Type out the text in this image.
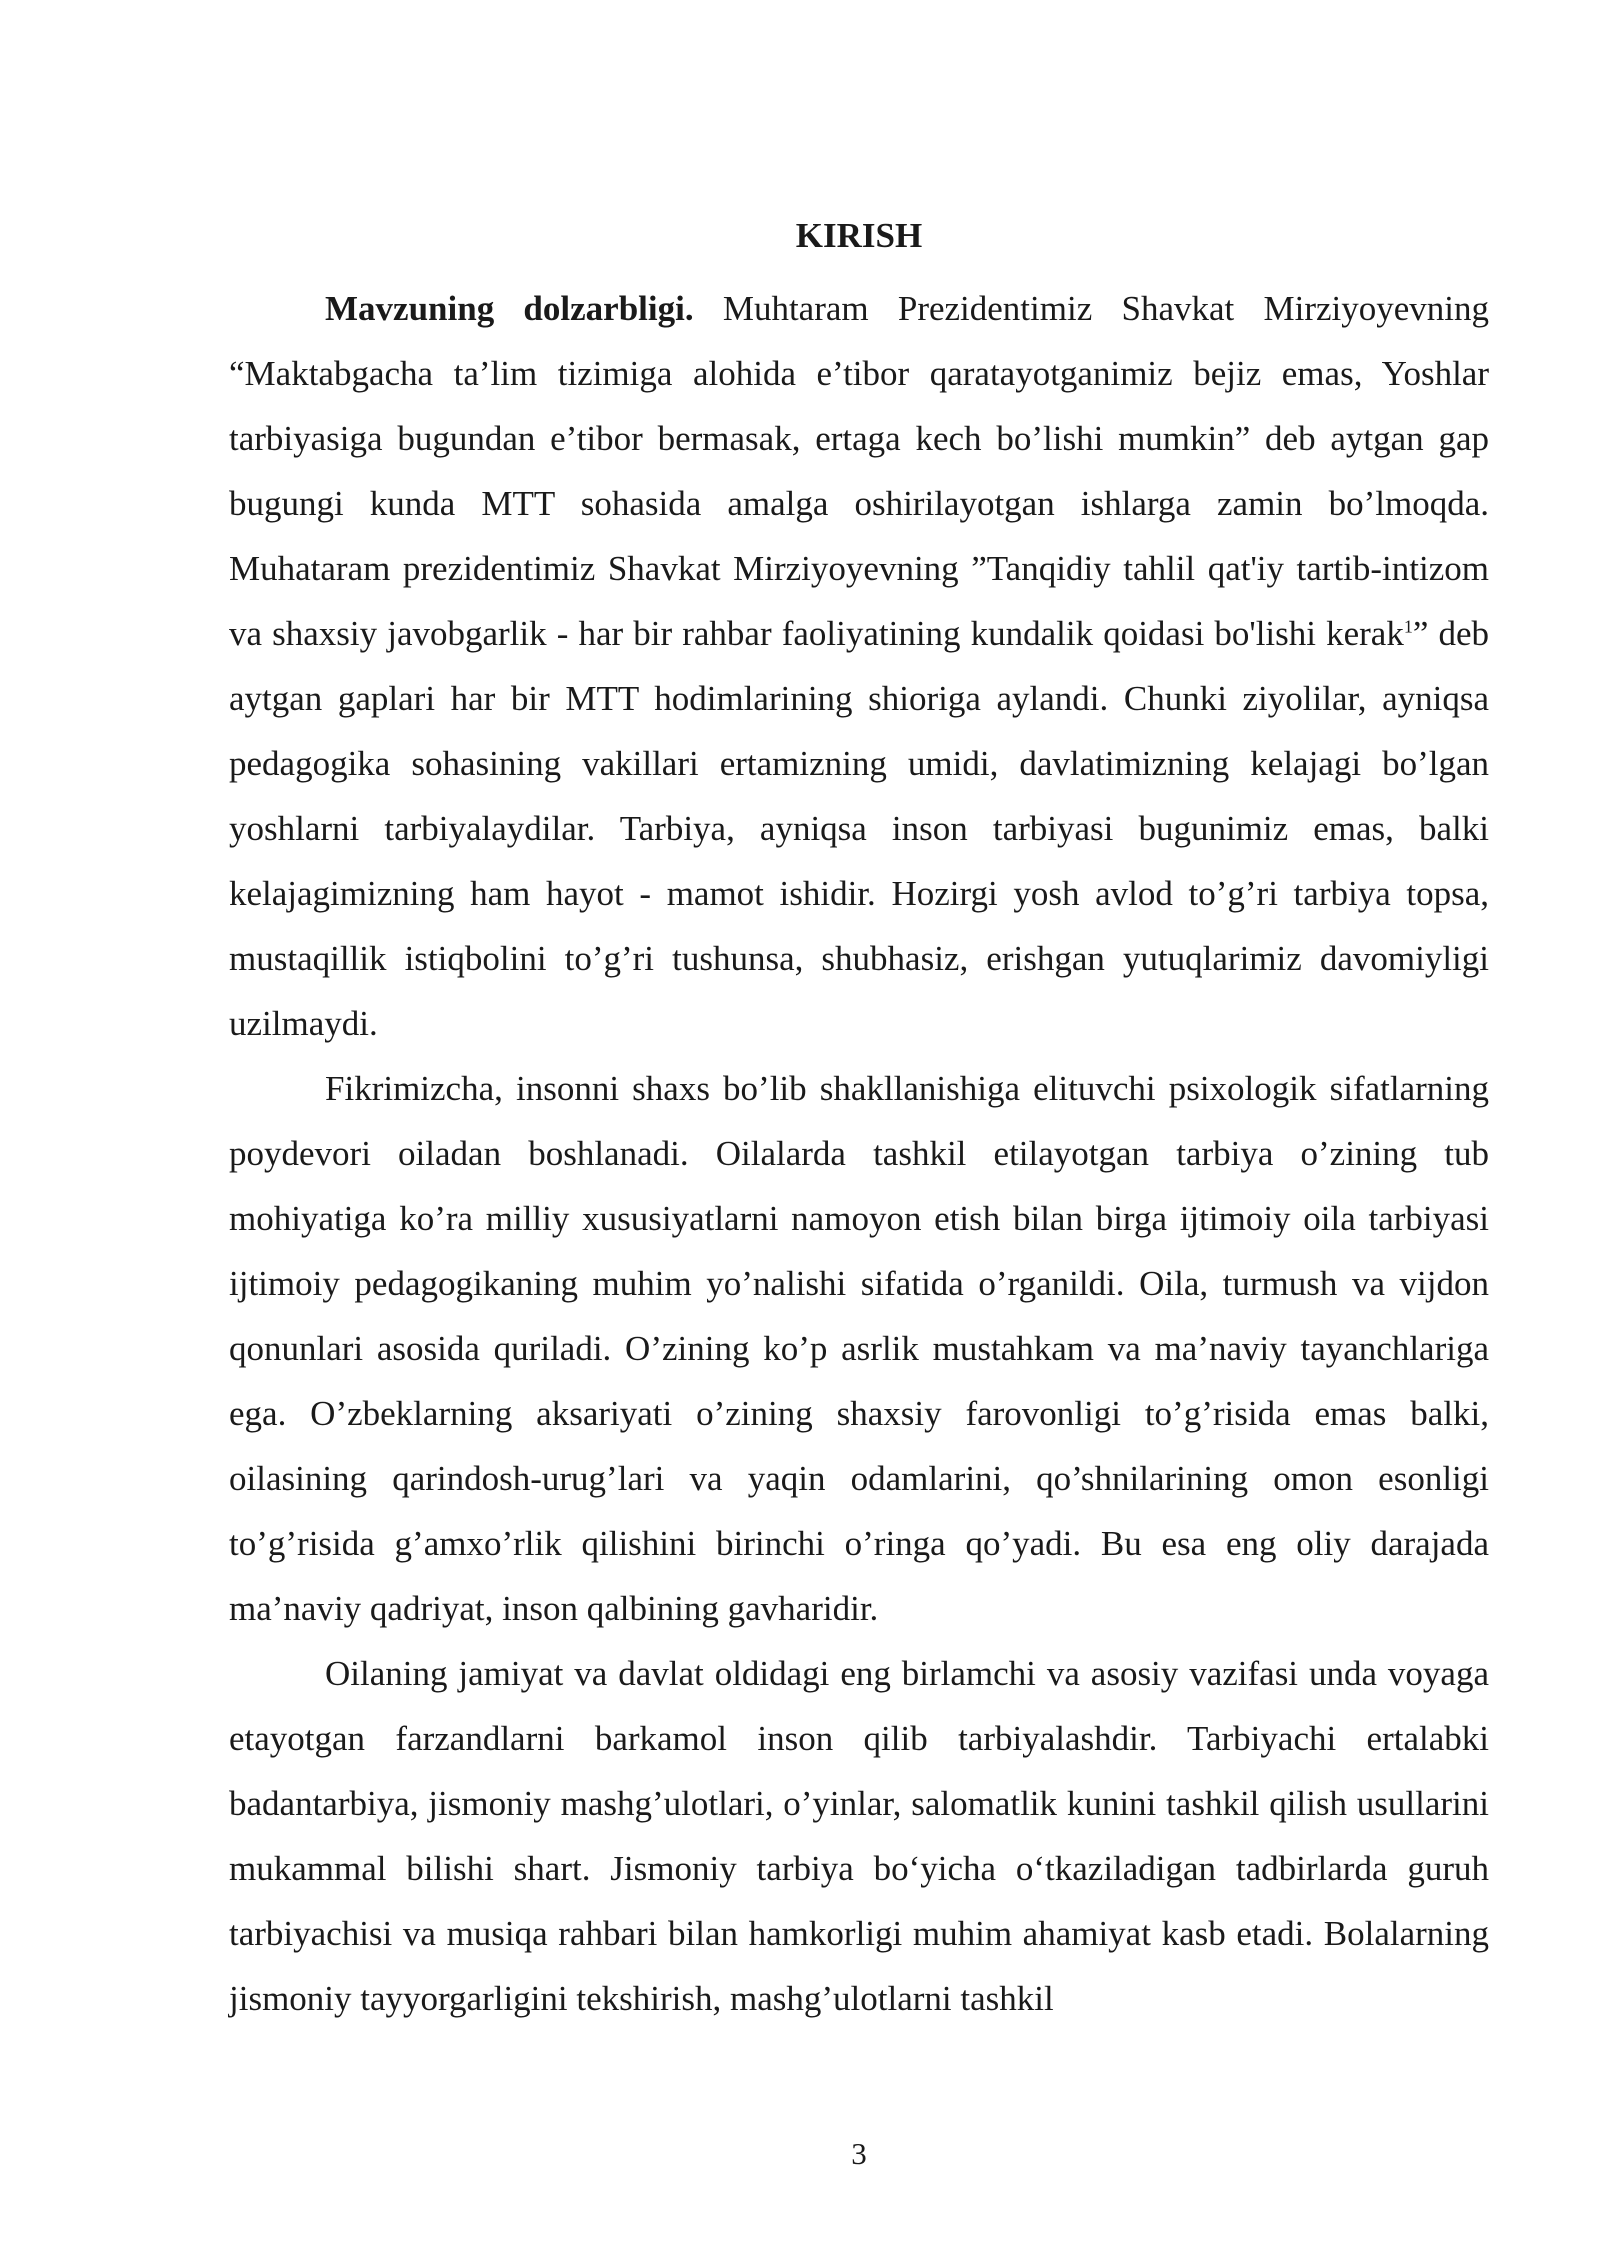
KIRISH

Mavzuning dolzarbligi. Muhtaram Prezidentimiz Shavkat Mirziyoyevning “Maktabgacha ta’lim tizimiga alohida e’tibor qaratayotganimiz bejiz emas, Yoshlar tarbiyasiga bugundan e’tibor bermasak, ertaga kech bo’lishi mumkin” deb aytgan gap bugungi kunda MTT sohasida amalga oshirilayotgan ishlarga zamin bo’lmoqda. Muhataram prezidentimiz Shavkat Mirziyoyevning ”Tanqidiy tahlil qat'iy tartib-intizom va shaxsiy javobgarlik - har bir rahbar faoliyatining kundalik qoidasi bo'lishi kerak$^1$” deb aytgan gaplari har bir MTT hodimlarining shioriga aylandi. Chunki ziyolilar, ayniqsa pedagogika sohasining vakillari ertamizning umidi, davlatimizning kelajagi bo’lgan yoshlarni tarbiyalaydilar. Tarbiya, ayniqsa inson tarbiyasi bugunimiz emas, balki kelajagimizning ham hayot - mamot ishidir. Hozirgi yosh avlod to’g’ri tarbiya topsa, mustaqillik istiqbolini to’g’ri tushunsa, shubhasiz, erishgan yutuqlarimiz davomiyligi uzilmaydi.

Fikrimizcha, insonni shaxs bo’lib shakllanishiga elituvchi psixologik sifatlarning poydevori oiladan boshlanadi. Oilalarda tashkil etilayotgan tarbiya o’zining tub mohiyatiga ko’ra milliy xususiyatlarni namoyon etish bilan birga ijtimoiy oila tarbiyasi ijtimoiy pedagogikaning muhim yo’nalishi sifatida o’rganildi. Oila, turmush va vijdon qonunlari asosida quriladi. O’zining ko’p asrlik mustahkam va ma’naviy tayanchlariga ega. O’zbeklarning aksariyati o’zining shaxsiy farovonligi to’g’risida emas balki, oilasining qarindosh-urug’lari va yaqin odamlarini, qo’shnilarining omon esonligi to’g’risida g’amxo’rlik qilishini birinchi o’ringa qo’yadi. Bu esa eng oliy darajada ma’naviy qadriyat, inson qalbining gavharidir.

Oilaning jamiyat va davlat oldidagi eng birlamchi va asosiy vazifasi unda voyaga etayotgan farzandlarni barkamol inson qilib tarbiyalashdir. Tarbiyachi ertalabki badantarbiya, jismoniy mashg’ulotlari, o’yinlar, salomatlik kunini tashkil qilish usullarini mukammal bilishi shart. Jismoniy tarbiya bo‘yicha o‘tkaziladigan tadbirlarda guruh tarbiyachisi va musiqa rahbari bilan hamkorligi muhim ahamiyat kasb etadi. Bolalarning jismoniy tayyorgarligini tekshirish, mashg’ulotlarni tashkil

3
